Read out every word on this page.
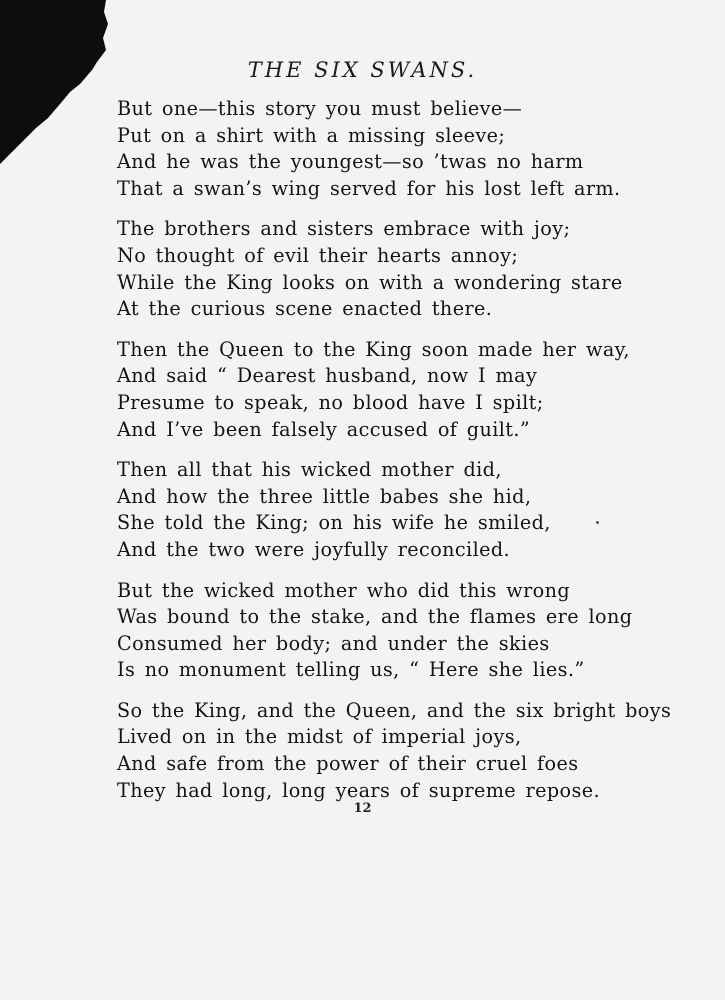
THE SIX SWANS.
But one—this story you must believe—
Put on a shirt with a missing sleeve;
And he was the youngest—so ’twas no harm
That a swan’s wing served for his lost left arm.
The brothers and sisters embrace with joy;
No thought of evil their hearts annoy;
While the King looks on with a wondering stare
At the curious scene enacted there.
Then the Queen to the King soon made her way,
And said “ Dearest husband, now I may
Presume to speak, no blood have I spilt;
And I’ve been falsely accused of guilt.”
Then all that his wicked mother did,
And how the three little babes she hid,
She told the King; on his wife he smiled,
And the two were joyfully reconciled.
But the wicked mother who did this wrong
Was bound to the stake, and the flames ere long
Consumed her body; and under the skies
Is no monument telling us, “ Here she lies.”
So the King, and the Queen, and the six bright boys
Lived on in the midst of imperial joys,
And safe from the power of their cruel foes
They had long, long years of supreme repose.
12
